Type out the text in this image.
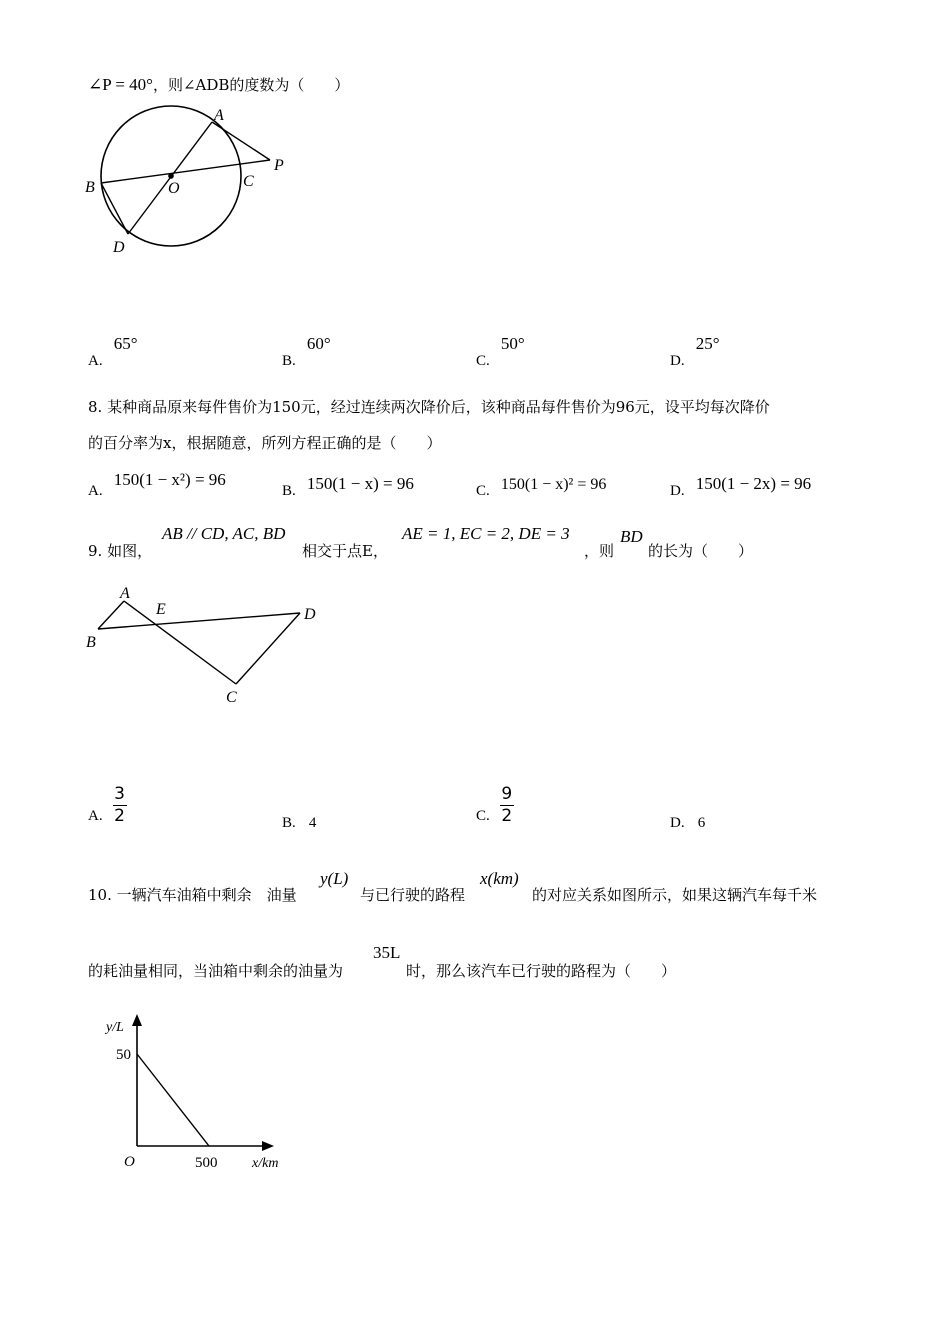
∠P = 40°，则∠ADB的度数为（　　）
A
B	C
D
O
P
A. 65°
B. 60°
C. 50°
D. 25°
8. 某种商品原来每件售价为150元，经过连续两次降价后，该种商品每件售价为96元，设平均每次降价
的百分率为x，根据随意，所列方程正确的是（　　）
A. 150(1 − x²) = 96
B. 150(1 − x) = 96	C. 150(1 − x)² = 96	D. 150(1 − 2x) = 96
9. 如图，
AB // CD, AC, BD
相交于点E，
AE = 1, EC = 2, DE = 3
，则
BD
的长为（　　）
A
B
C
D
E
A. $\frac{3}{2}$	B. 4	C. $\frac{9}{2}$	D. 6
10. 一辆汽车油箱中剩余　油量
y(L)
与已行驶的路程
x(km)
的对应关系如图所示，如果这辆汽车每千米
的耗油量相同，当油箱中剩余的油量为
35L
时，那么该汽车已行驶的路程为（　　）
y/L
50
O	500 x/km
